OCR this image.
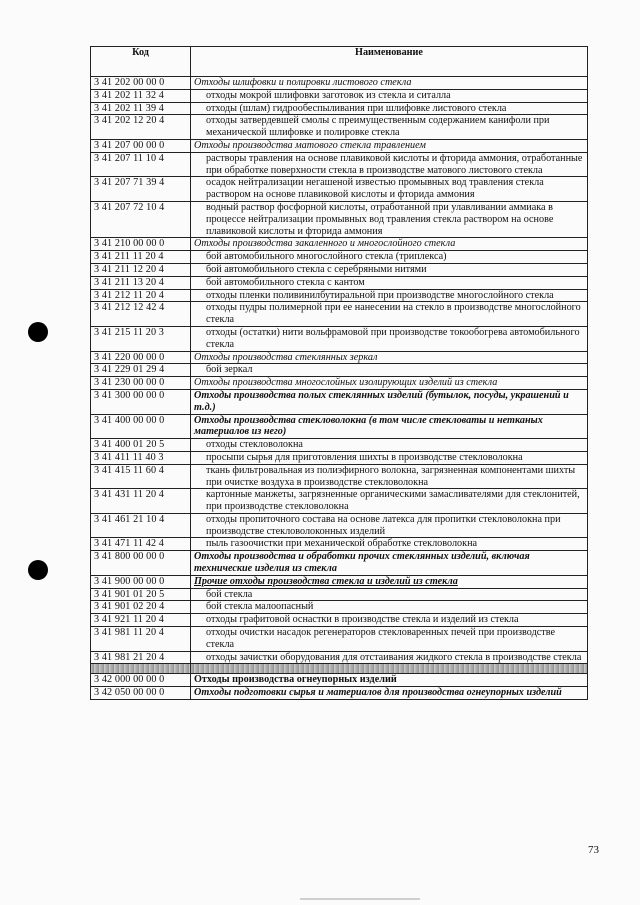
Код	Наименование
3 41 202 00 00 0	Отходы шлифовки и полировки листового стекла
3 41 202 11 32 4	отходы мокрой шлифовки заготовок из стекла и ситалла
3 41 202 11 39 4	отходы (шлам) гидрообеспыливания при шлифовке листового стекла
3 41 202 12 20 4	отходы затвердевшей смолы с преимущественным содержанием канифоли при механической шлифовке и полировке стекла
3 41 207 00 00 0	Отходы производства матового стекла травлением
3 41 207 11 10 4	растворы травления на основе плавиковой кислоты и фторида аммония, отработанные при обработке поверхности стекла в производстве матового листового стекла
3 41 207 71 39 4	осадок нейтрализации негашеной известью промывных вод травления стекла раствором на основе плавиковой кислоты и фторида аммония
3 41 207 72 10 4	водный раствор фосфорной кислоты, отработанной при улавливании аммиака в процессе нейтрализации промывных вод травления стекла раствором на основе плавиковой кислоты и фторида аммония
3 41 210 00 00 0	Отходы производства закаленного и многослойного стекла
3 41 211 11 20 4	бой автомобильного многослойного стекла (триплекса)
3 41 211 12 20 4	бой автомобильного стекла с серебряными нитями
3 41 211 13 20 4	бой автомобильного стекла с кантом
3 41 212 11 20 4	отходы пленки поливинилбутиральной при производстве многослойного стекла
3 41 212 12 42 4	отходы пудры полимерной при ее нанесении на стекло в производстве многослойного стекла
3 41 215 11 20 3	отходы (остатки) нити вольфрамовой при производстве токообогрева автомобильного стекла
3 41 220 00 00 0	Отходы производства стеклянных зеркал
3 41 229 01 29 4	бой зеркал
3 41 230 00 00 0	Отходы производства многослойных изолирующих изделий из стекла
3 41 300 00 00 0	Отходы производства полых стеклянных изделий (бутылок, посуды, украшений и т.д.)
3 41 400 00 00 0	Отходы производства стекловолокна (в том числе стекловаты и нетканых материалов из него)
3 41 400 01 20 5	отходы стекловолокна
3 41 411 11 40 3	просыпи сырья для приготовления шихты в производстве стекловолокна
3 41 415 11 60 4	ткань фильтровальная из полиэфирного волокна, загрязненная компонентами шихты при очистке воздуха в производстве стекловолокна
3 41 431 11 20 4	картонные манжеты, загрязненные органическими замасливателями для стеклонитей, при производстве стекловолокна
3 41 461 21 10 4	отходы пропиточного состава на основе латекса для пропитки стекловолокна при производстве стекловолоконных изделий
3 41 471 11 42 4	пыль газоочистки при механической обработке стекловолокна
3 41 800 00 00 0	Отходы производства и обработки прочих стеклянных изделий, включая технические изделия из стекла
3 41 900 00 00 0	Прочие отходы производства стекла и изделий из стекла
3 41 901 01 20 5	бой стекла
3 41 901 02 20 4	бой стекла малоопасный
3 41 921 11 20 4	отходы графитовой оснастки в производстве стекла и изделий из стекла
3 41 981 11 20 4	отходы очистки насадок регенераторов стекловаренных печей при производстве стекла
3 41 981 21 20 4	отходы зачистки оборудования для отстаивания жидкого стекла в производстве стекла

3 42 000 00 00 0	Отходы производства огнеупорных изделий
3 42 050 00 00 0	Отходы подготовки сырья и материалов для производства огнеупорных изделий
73
